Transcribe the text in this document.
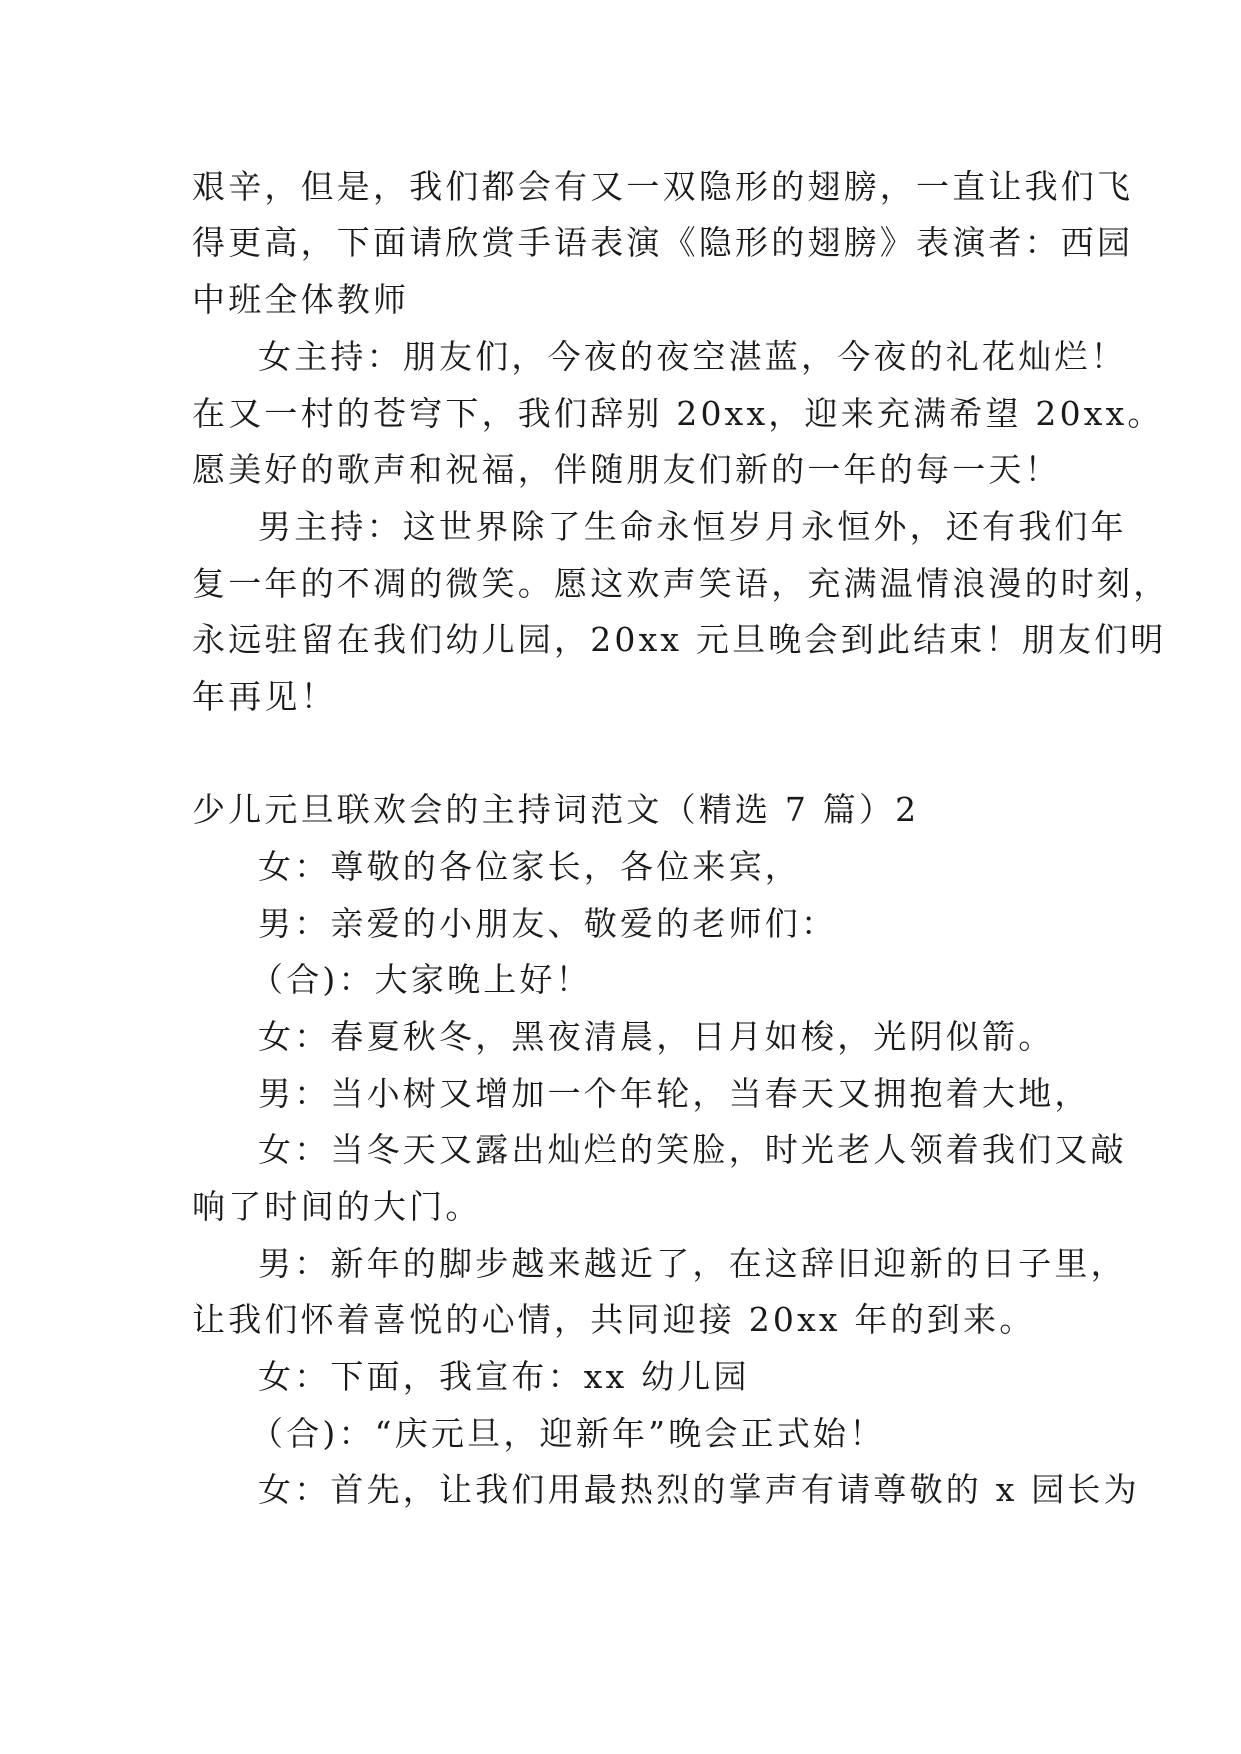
艰辛，但是，我们都会有又一双隐形的翅膀，一直让我们飞
得更高，下面请欣赏手语表演《隐形的翅膀》表演者：西园
中班全体教师
女主持：朋友们，今夜的夜空湛蓝，今夜的礼花灿烂！
在又一村的苍穹下，我们辞别 20xx，迎来充满希望 20xx。
愿美好的歌声和祝福，伴随朋友们新的一年的每一天！
男主持：这世界除了生命永恒岁月永恒外，还有我们年
复一年的不凋的微笑。愿这欢声笑语，充满温情浪漫的时刻，
永远驻留在我们幼儿园，20xx 元旦晚会到此结束！朋友们明
年再见！
少儿元旦联欢会的主持词范文（精选 7 篇）2
女：尊敬的各位家长，各位来宾，
男：亲爱的小朋友、敬爱的老师们：
（合)：大家晚上好！
女：春夏秋冬，黑夜清晨，日月如梭，光阴似箭。
男：当小树又增加一个年轮，当春天又拥抱着大地，
女：当冬天又露出灿烂的笑脸，时光老人领着我们又敲
响了时间的大门。
男：新年的脚步越来越近了，在这辞旧迎新的日子里，
让我们怀着喜悦的心情，共同迎接 20xx 年的到来。
女：下面，我宣布：xx 幼儿园
（合)：“庆元旦，迎新年”晚会正式始！
女：首先，让我们用最热烈的掌声有请尊敬的 x 园长为
